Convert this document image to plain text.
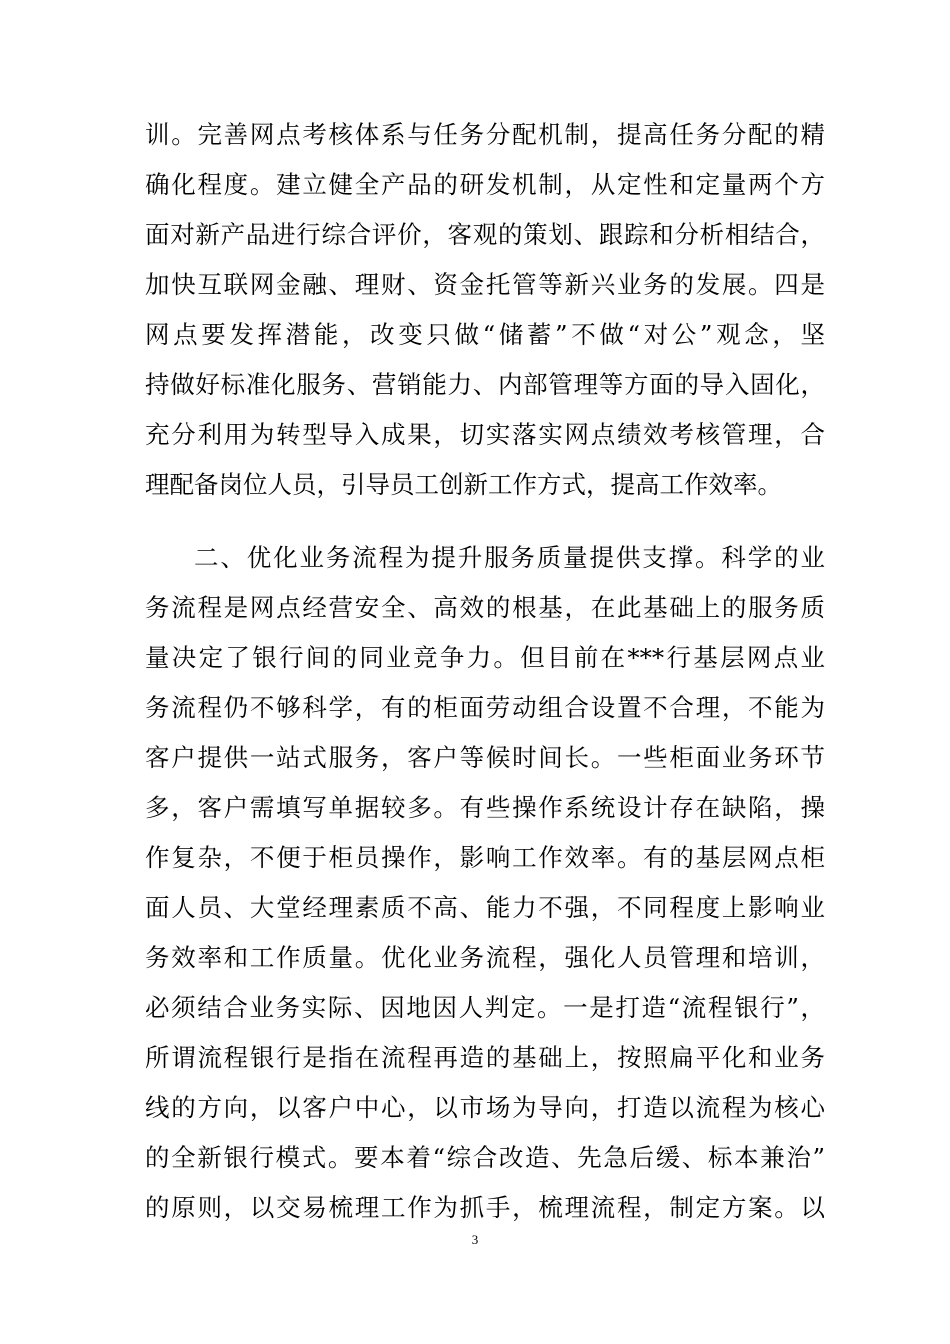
训。完善网点考核体系与任务分配机制，提高任务分配的精
确化程度。建立健全产品的研发机制，从定性和定量两个方
面对新产品进行综合评价，客观的策划、跟踪和分析相结合，
加快互联网金融、理财、资金托管等新兴业务的发展。四是
网点要发挥潜能，改变只做“储蓄”不做“对公”观念，坚
持做好标准化服务、营销能力、内部管理等方面的导入固化，
充分利用为转型导入成果，切实落实网点绩效考核管理，合
理配备岗位人员，引导员工创新工作方式，提高工作效率。
二、优化业务流程为提升服务质量提供支撑。科学的业
务流程是网点经营安全、高效的根基，在此基础上的服务质
量决定了银行间的同业竞争力。但目前在***行基层网点业
务流程仍不够科学，有的柜面劳动组合设置不合理，不能为
客户提供一站式服务，客户等候时间长。一些柜面业务环节
多，客户需填写单据较多。有些操作系统设计存在缺陷，操
作复杂，不便于柜员操作，影响工作效率。有的基层网点柜
面人员、大堂经理素质不高、能力不强，不同程度上影响业
务效率和工作质量。优化业务流程，强化人员管理和培训，
必须结合业务实际、因地因人判定。一是打造“流程银行”，
所谓流程银行是指在流程再造的基础上，按照扁平化和业务
线的方向，以客户中心，以市场为导向，打造以流程为核心
的全新银行模式。要本着“综合改造、先急后缓、标本兼治”
的原则，以交易梳理工作为抓手，梳理流程，制定方案。以
3
